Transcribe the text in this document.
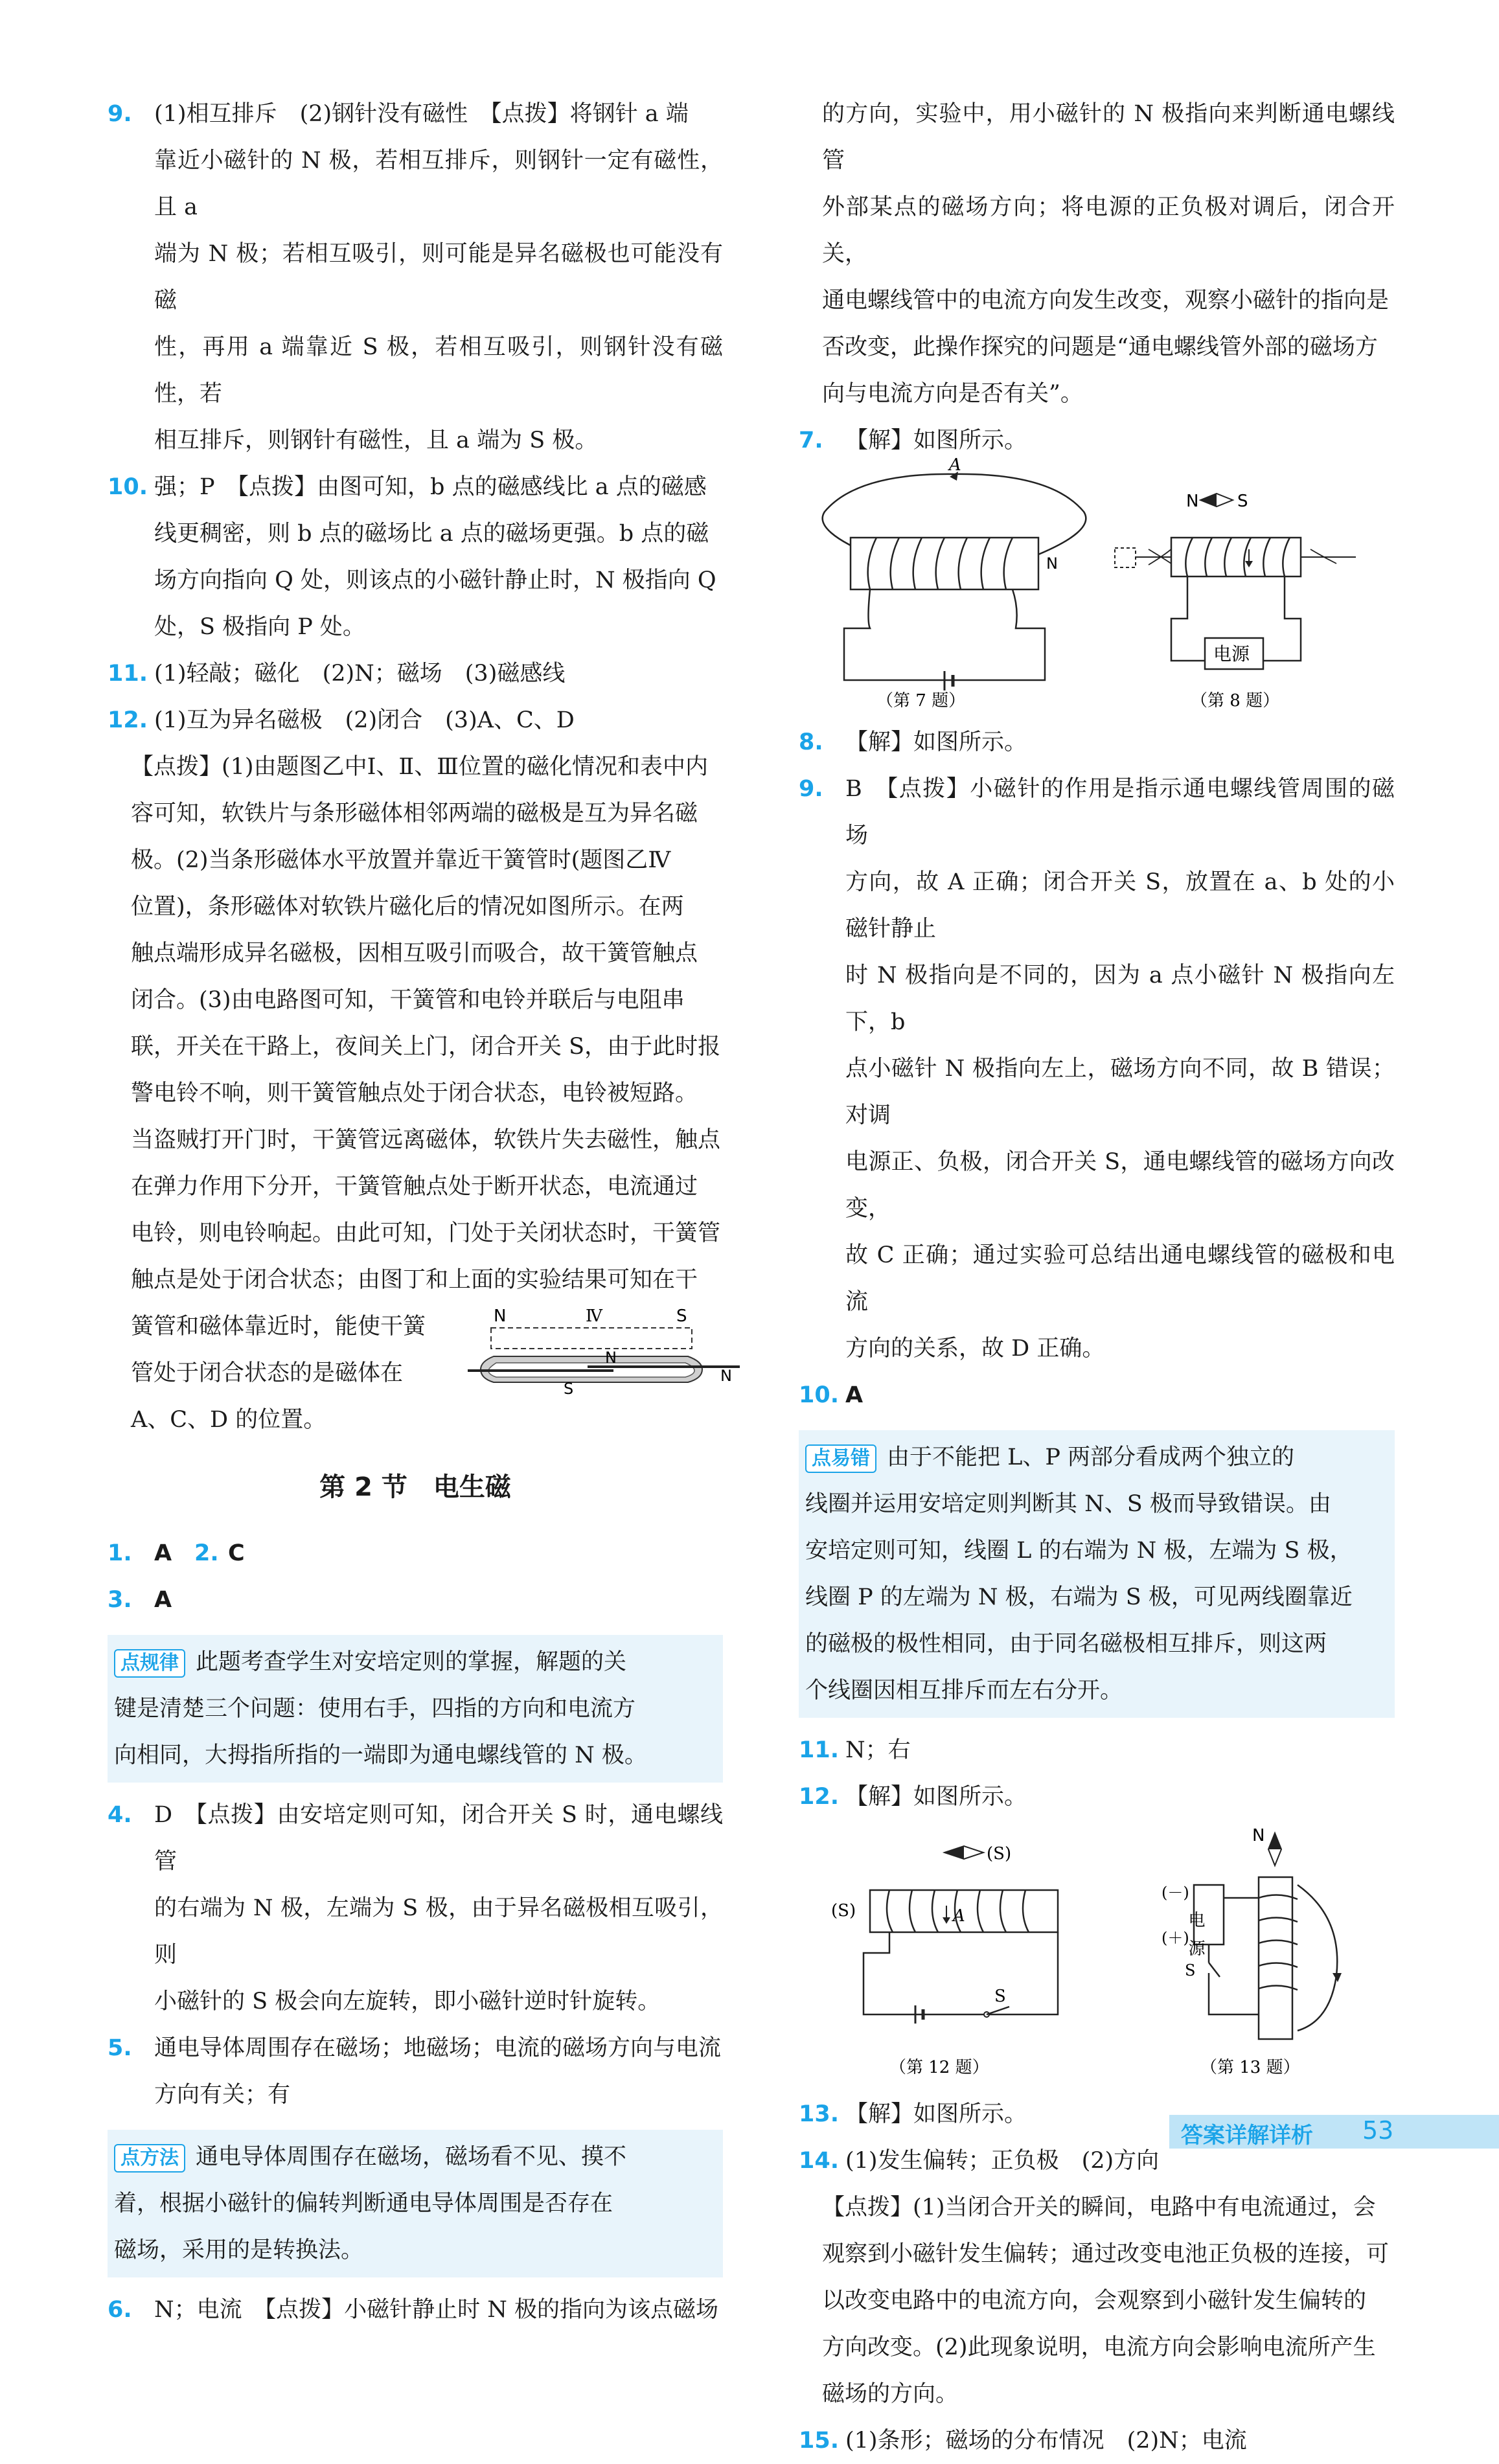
9. (1)相互排斥　(2)钢针没有磁性　【点拨】将钢针 a 端
靠近小磁针的 N 极，若相互排斥，则钢针一定有磁性，且 a
端为 N 极；若相互吸引，则可能是异名磁极也可能没有磁
性，再用 a 端靠近 S 极，若相互吸引，则钢针没有磁性，若
相互排斥，则钢针有磁性，且 a 端为 S 极。
10. 强；P　【点拨】由图可知，b 点的磁感线比 a 点的磁感
线更稠密，则 b 点的磁场比 a 点的磁场更强。b 点的磁
场方向指向 Q 处，则该点的小磁针静止时，N 极指向 Q
处，S 极指向 P 处。
11. (1)轻敲；磁化　(2)N；磁场　(3)磁感线
12. (1)互为异名磁极　(2)闭合　(3)A、C、D
【点拨】(1)由题图乙中Ⅰ、Ⅱ、Ⅲ位置的磁化情况和表中内
容可知，软铁片与条形磁体相邻两端的磁极是互为异名磁
极。(2)当条形磁体水平放置并靠近干簧管时(题图乙Ⅳ
位置)，条形磁体对软铁片磁化后的情况如图所示。在两
触点端形成异名磁极，因相互吸引而吸合，故干簧管触点
闭合。(3)由电路图可知，干簧管和电铃并联后与电阻串
联，开关在干路上，夜间关上门，闭合开关 S，由于此时报
警电铃不响，则干簧管触点处于闭合状态，电铃被短路。
当盗贼打开门时，干簧管远离磁体，软铁片失去磁性，触点
在弹力作用下分开，干簧管触点处于断开状态，电流通过
电铃，则电铃响起。由此可知，门处于关闭状态时，干簧管
触点是处于闭合状态；由图丁和上面的实验结果可知在干
簧管和磁体靠近时，能使干簧
管处于闭合状态的是磁体在
A、C、D 的位置。
N	Ⅳ	S
S
N
N
第 2 节　电生磁
1. A 2. C
3. A
点规律 此题考查学生对安培定则的掌握，解题的关
键是清楚三个问题：使用右手，四指的方向和电流方
向相同，大拇指所指的一端即为通电螺线管的 N 极。
4. D　【点拨】由安培定则可知，闭合开关 S 时，通电螺线管
的右端为 N 极，左端为 S 极，由于异名磁极相互吸引，则
小磁针的 S 极会向左旋转，即小磁针逆时针旋转。
5. 通电导体周围存在磁场；地磁场；电流的磁场方向与电流
方向有关；有
点方法 通电导体周围存在磁场，磁场看不见、摸不
着，根据小磁针的偏转判断通电导体周围是否存在
磁场，采用的是转换法。
6. N；电流　【点拨】小磁针静止时 N 极的指向为该点磁场
的方向，实验中，用小磁针的 N 极指向来判断通电螺线管
外部某点的磁场方向；将电源的正负极对调后，闭合开关，
通电螺线管中的电流方向发生改变，观察小磁针的指向是
否改变，此操作探究的问题是“通电螺线管外部的磁场方
向与电流方向是否有关”。
7. 【解】如图所示。
A
N
N S
电源
（第 7 题）	（第 8 题）
8. 【解】如图所示。
9. B　【点拨】小磁针的作用是指示通电螺线管周围的磁场
方向，故 A 正确；闭合开关 S，放置在 a、b 处的小磁针静止
时 N 极指向是不同的，因为 a 点小磁针 N 极指向左下，b
点小磁针 N 极指向左上，磁场方向不同，故 B 错误；对调
电源正、负极，闭合开关 S，通电螺线管的磁场方向改变，
故 C 正确；通过实验可总结出通电螺线管的磁极和电流
方向的关系，故 D 正确。
10. A
点易错 由于不能把 L、P 两部分看成两个独立的
线圈并运用安培定则判断其 N、S 极而导致错误。由
安培定则可知，线圈 L 的右端为 N 极，左端为 S 极，
线圈 P 的左端为 N 极，右端为 S 极，可见两线圈靠近
的磁极的极性相同，由于同名磁极相互排斥，则这两
个线圈因相互排斥而左右分开。
11. N；右
12. 【解】如图所示。
(S)
(S)	A
S
（第 12 题）
N
(－)
(＋)
电源
S
（第 13 题）
13. 【解】如图所示。
14. (1)发生偏转；正负极　(2)方向
【点拨】(1)当闭合开关的瞬间，电路中有电流通过，会
观察到小磁针发生偏转；通过改变电池正负极的连接，可
以改变电路中的电流方向，会观察到小磁针发生偏转的
方向改变。(2)此现象说明，电流方向会影响电流所产生
磁场的方向。
15. (1)条形；磁场的分布情况　(2)N；电流
答案详解详析 53
